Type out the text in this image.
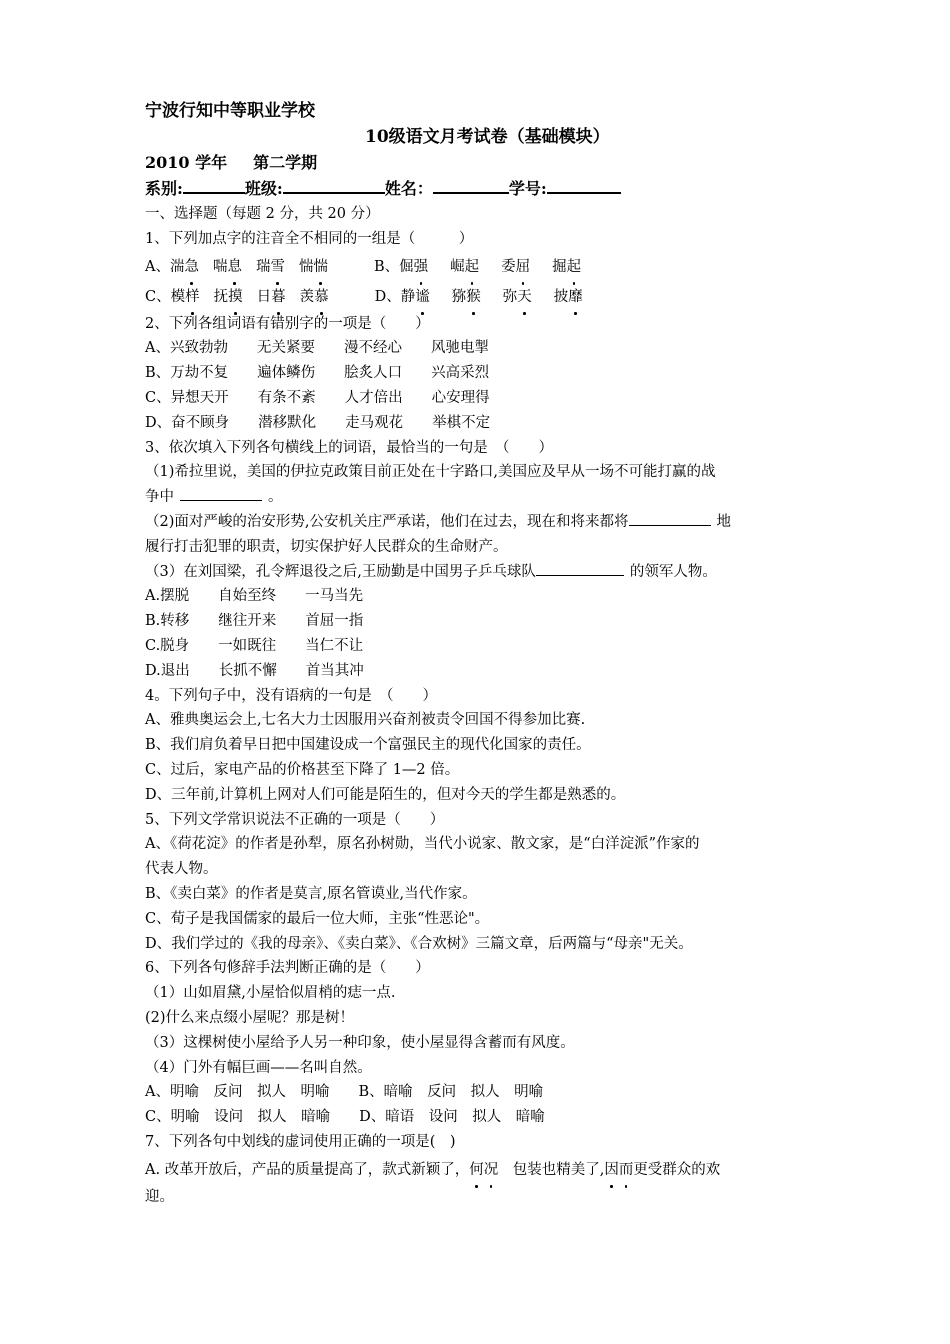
宁波行知中等职业学校
10级语文月考试卷（基础模块）
2010 学年 第二学期
系别:	班级:	姓名：	学号:
一、选择题（每题 2 分，共 20 分）
1、下列加点字的注音全不相同的一组是（　　　）
A、湍急 喘息 瑞雪 惴惴	B、倔强 崛起 委屈 掘起
C、模样 抚摸 日暮 羡慕	D、静谧 猕猴 弥天 披靡
2、下列各组词语有错别字的一项是（　　）
A、兴致勃勃　　无关紧要　　漫不经心　　风驰电掣
B、万劫不复　　遍体鳞伤　　脍炙人口　　兴高采烈
C、异想天开　　有条不紊　　人才倍出　　心安理得
D、奋不顾身　　潜移默化　　走马观花　　举棋不定
3、依次填入下列各句横线上的词语，最恰当的一句是　（　　）
（1)希拉里说，美国的伊拉克政策目前正处在十字路口,美国应及早从一场不可能打赢的战
争中	。
（2)面对严峻的治安形势,公安机关庄严承诺，他们在过去，现在和将来都将	地
履行打击犯罪的职责，切实保护好人民群众的生命财产。
（3）在刘国梁，孔令辉退役之后,王励勤是中国男子乒乓球队	的领军人物。
A.摆脱　　自始至终　　一马当先
B.转移　　继往开来　　首屈一指
C.脱身　　一如既往　　当仁不让
D.退出　　长抓不懈　　首当其冲
4。下列句子中，没有语病的一句是　（　　）
A、雅典奥运会上,七名大力士因服用兴奋剂被责令回国不得参加比赛.
B、我们肩负着早日把中国建设成一个富强民主的现代化国家的责任。
C、过后，家电产品的价格甚至下降了 1—2 倍。
D、三年前,计算机上网对人们可能是陌生的，但对今天的学生都是熟悉的。
5、下列文学常识说法不正确的一项是（　　）
A、《荷花淀》的作者是孙犁，原名孙树勋，当代小说家、散文家，是“白洋淀派”作家的
代表人物。
B、《卖白菜》的作者是莫言,原名管谟业,当代作家。
C、荀子是我国儒家的最后一位大师，主张“性恶论"。
D、我们学过的《我的母亲》、《卖白菜》、《合欢树》三篇文章，后两篇与“母亲"无关。
6、下列各句修辞手法判断正确的是（　　）
（1）山如眉黛,小屋恰似眉梢的痣一点.
(2)什么来点缀小屋呢？那是树！
（3）这棵树使小屋给予人另一种印象，使小屋显得含蓄而有风度。
（4）门外有幅巨画——名叫自然。
A、明喻　反问　拟人　明喻　　B、暗喻　反问　拟人　明喻
C、明喻　设问　拟人　暗喻　　D、暗语　设问　拟人　暗喻
7、下列各句中划线的虚词使用正确的一项是(　)
A. 改革开放后，产品的质量提高了，款式新颖了，何况　包装也精美了,因而更受群众的欢
迎。
